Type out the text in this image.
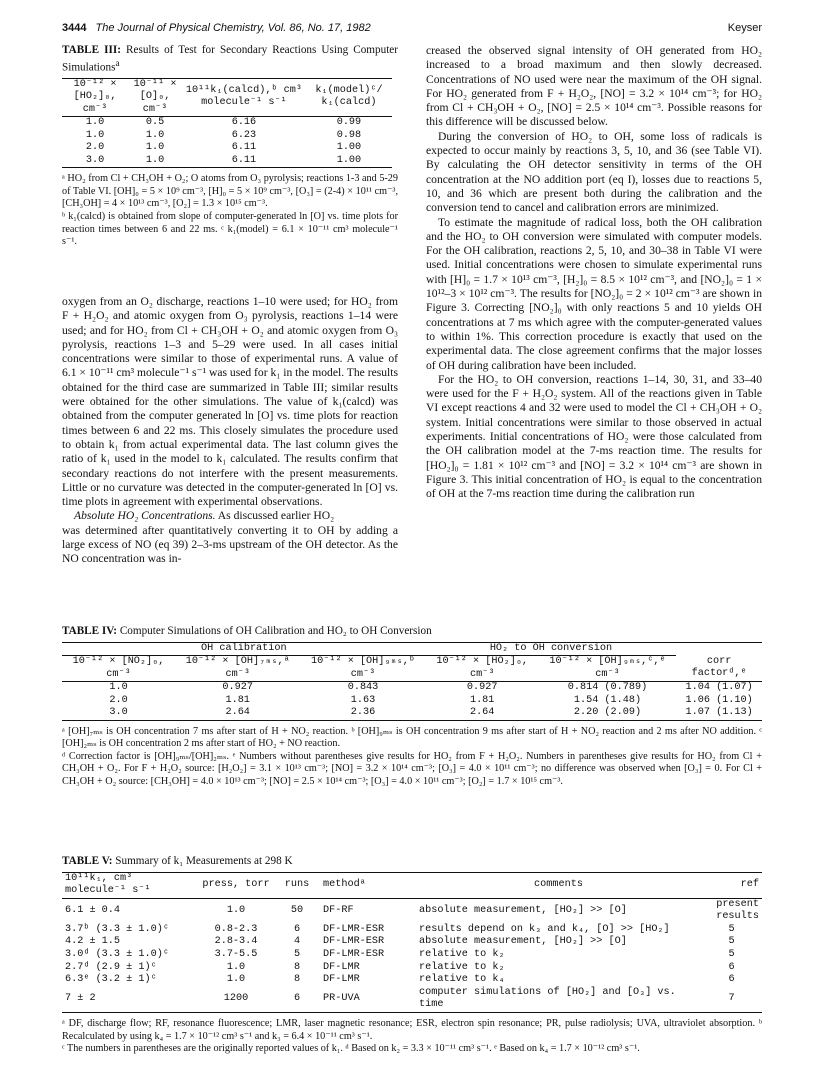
3444 The Journal of Physical Chemistry, Vol. 86, No. 17, 1982	Keyser
TABLE III: Results of Test for Secondary Reactions Using Computer Simulations$^a$
10⁻¹² × [HO₂]₀, cm⁻³	10⁻¹¹ × [O]₀, cm⁻³	10¹¹k₁(calcd),ᵇ cm³ molecule⁻¹ s⁻¹	k₁(model)ᶜ/ k₁(calcd)
1.0	0.5	6.16	0.99
1.0	1.0	6.23	0.98
2.0	1.0	6.11	1.00
3.0	1.0	6.11	1.00

ᵃ HO₂ from Cl + CH₃OH + O₂; O atoms from O₃ pyrolysis; reactions 1-3 and 5-29 of Table VI. [OH]₀ = 5 × 10⁹ cm⁻³, [H]₀ = 5 × 10⁹ cm⁻³, [O₃] = (2-4) × 10¹¹ cm⁻³, [CH₃OH] = 4 × 10¹³ cm⁻³, [O₂] = 1.3 × 10¹⁵ cm⁻³.

ᵇ k₁(calcd) is obtained from slope of computer-generated ln [O] vs. time plots for reaction times between 6 and 22 ms. ᶜ k₁(model) = 6.1 × 10⁻¹¹ cm³ molecule⁻¹ s⁻¹.

oxygen from an O₂ discharge, reactions 1–10 were used; for HO₂ from F + H₂O₂ and atomic oxygen from O₃ pyrolysis, reactions 1–14 were used; and for HO₂ from Cl + CH₃OH + O₂ and atomic oxygen from O₃ pyrolysis, reactions 1–3 and 5–29 were used. In all cases initial concentrations were similar to those of experimental runs. A value of 6.1 × 10⁻¹¹ cm³ molecule⁻¹ s⁻¹ was used for k₁ in the model. The results obtained for the third case are summarized in Table III; similar results were obtained for the other simulations. The value of k₁(calcd) was obtained from the computer generated ln [O] vs. time plots for reaction times between 6 and 22 ms. This closely simulates the procedure used to obtain k₁ from actual experimental data. The last column gives the ratio of k₁ used in the model to k₁ calculated. The results confirm that secondary reactions do not interfere with the present measurements. Little or no curvature was detected in the computer-generated ln [O] vs. time plots in agreement with experimental observations.

Absolute HO₂ Concentrations. As discussed earlier HO₂

was determined after quantitatively converting it to OH by adding a large excess of NO (eq 39) 2–3-ms upstream of the OH detector. As the NO concentration was in-

creased the observed signal intensity of OH generated from HO₂ increased to a broad maximum and then slowly decreased. Concentrations of NO used were near the maximum of the OH signal. For HO₂ generated from F + H₂O₂, [NO] = 3.2 × 10¹⁴ cm⁻³; for HO₂ from Cl + CH₃OH + O₂, [NO] = 2.5 × 10¹⁴ cm⁻³. Possible reasons for this difference will be discussed below.

During the conversion of HO₂ to OH, some loss of radicals is expected to occur mainly by reactions 3, 5, 10, and 36 (see Table VI). By calculating the OH detector sensitivity in terms of the OH concentration at the NO addition port (eq I), losses due to reactions 5, 10, and 36 which are present both during the calibration and the conversion tend to cancel and calibration errors are minimized.

To estimate the magnitude of radical loss, both the OH calibration and the HO₂ to OH conversion were simulated with computer models. For the OH calibration, reactions 2, 5, 10, and 30–38 in Table VI were used. Initial concentrations were chosen to simulate experimental runs with [H]₀ = 1.7 × 10¹³ cm⁻³, [H₂]₀ = 8.5 × 10¹² cm⁻³, and [NO₂]₀ = 1 × 10¹²–3 × 10¹² cm⁻³. The results for [NO₂]₀ = 2 × 10¹² cm⁻³ are shown in Figure 3. Correcting [NO₂]₀ with only reactions 5 and 10 yields OH concentrations at 7 ms which agree with the computer-generated values to within 1%. This correction procedure is exactly that used on the experimental data. The close agreement confirms that the major losses of OH during calibration have been included.

For the HO₂ to OH conversion, reactions 1–14, 30, 31, and 33–40 were used for the F + H₂O₂ system. All of the reactions given in Table VI except reactions 4 and 32 were used to model the Cl + CH₃OH + O₂ system. Initial concentrations were similar to those observed in actual experiments. Initial concentrations of HO₂ were those calculated from the OH calibration model at the 7-ms reaction time. The results for [HO₂]₀ = 1.81 × 10¹² cm⁻³ and [NO] = 3.2 × 10¹⁴ cm⁻³ are shown in Figure 3. This initial concentration of HO₂ is equal to the concentration of OH at the 7-ms reaction time during the calibration run

TABLE IV: Computer Simulations of OH Calibration and HO₂ to OH Conversion
OH calibration			HO₂ to OH conversion		
10⁻¹² × [NO₂]₀, cm⁻³	10⁻¹² × [OH]₇ₘₛ,ᵃ cm⁻³	10⁻¹² × [OH]₉ₘₛ,ᵇ cm⁻³	10⁻¹² × [HO₂]₀, cm⁻³	10⁻¹² × [OH]₉ₘₛ,ᶜ,ᵉ cm⁻³	corr factorᵈ,ᵉ
1.0	0.927	0.843	0.927	0.814 (0.789)	1.04 (1.07)
2.0	1.81	1.63	1.81	1.54 (1.48)	1.06 (1.10)
3.0	2.64	2.36	2.64	2.20 (2.09)	1.07 (1.13)

ᵃ [OH]₇ₘₛ is OH concentration 7 ms after start of H + NO₂ reaction. ᵇ [OH]₉ₘₛ is OH concentration 9 ms after start of H + NO₂ reaction and 2 ms after NO addition. ᶜ [OH]₂ₘₛ is OH concentration 2 ms after start of HO₂ + NO reaction.

ᵈ Correction factor is [OH]₉ₘₛ/[OH]₂ₘₛ. ᵉ Numbers without parentheses give results for HO₂ from F + H₂O₂. Numbers in parentheses give results for HO₂ from Cl + CH₃OH + O₂. For F + H₂O₂ source: [H₂O₂] = 3.1 × 10¹³ cm⁻³; [NO] = 3.2 × 10¹⁴ cm⁻³; [O₃] = 4.0 × 10¹¹ cm⁻³; no difference was observed when [O₃] = 0. For Cl + CH₃OH + O₂ source: [CH₃OH] = 4.0 × 10¹³ cm⁻³; [NO] = 2.5 × 10¹⁴ cm⁻³; [O₃] = 4.0 × 10¹¹ cm⁻³; [O₂] = 1.7 × 10¹⁵ cm⁻³.

TABLE V: Summary of k₁ Measurements at 298 K
10¹¹k₁, cm³ molecule⁻¹ s⁻¹	press, torr	runs	methodᵃ	comments	ref
6.1 ± 0.4	1.0	50	DF-RF	absolute measurement, [HO₂] >> [O]	present results
3.7ᵇ (3.3 ± 1.0)ᶜ	0.8-2.3	6	DF-LMR-ESR	results depend on k₃ and k₄, [O] >> [HO₂]	5
4.2 ± 1.5	2.8-3.4	4	DF-LMR-ESR	absolute measurement, [HO₂] >> [O]	5
3.0ᵈ (3.3 ± 1.0)ᶜ	3.7-5.5	5	DF-LMR-ESR	relative to k₂	5
2.7ᵈ (2.9 ± 1)ᶜ	1.0	8	DF-LMR	relative to k₂	6
6.3ᵉ (3.2 ± 1)ᶜ	1.0	8	DF-LMR	relative to k₄	6
7 ± 2	1200	6	PR-UVA	computer simulations of [HO₂] and [O₃] vs. time	7

ᵃ DF, discharge flow; RF, resonance fluorescence; LMR, laser magnetic resonance; ESR, electron spin resonance; PR, pulse radiolysis; UVA, ultraviolet absorption. ᵇ Recalculated by using k₄ = 1.7 × 10⁻¹² cm³ s⁻¹ and k₃ = 6.4 × 10⁻¹¹ cm³ s⁻¹.

ᶜ The numbers in parentheses are the originally reported values of k₁. ᵈ Based on k₂ = 3.3 × 10⁻¹¹ cm³ s⁻¹. ᵉ Based on k₄ = 1.7 × 10⁻¹² cm³ s⁻¹.
